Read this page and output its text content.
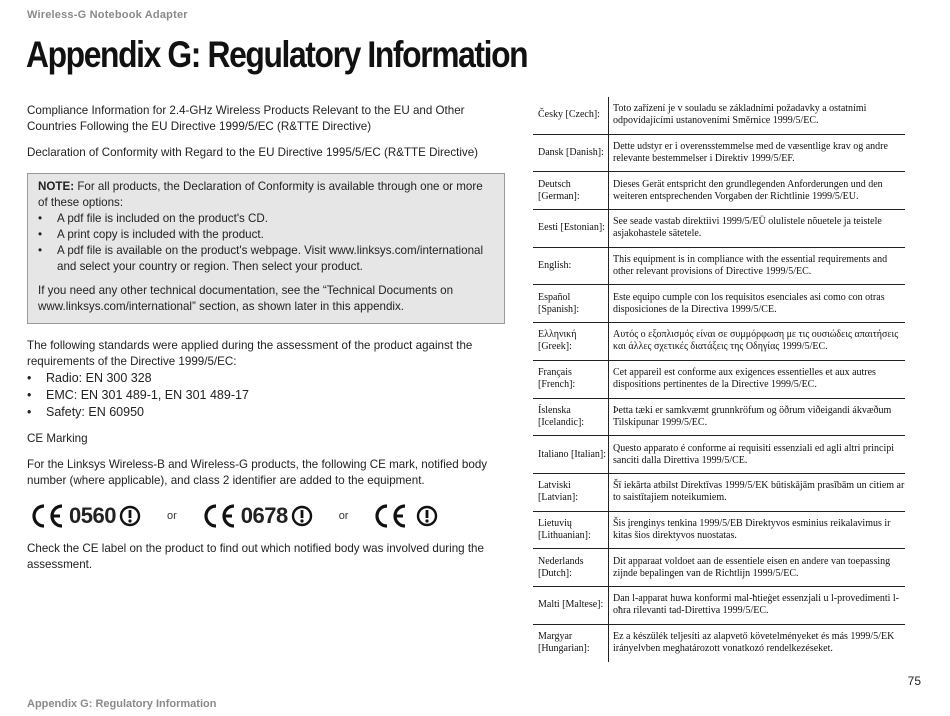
Wireless-G Notebook Adapter
Appendix G: Regulatory Information

Compliance Information for 2.4-GHz Wireless Products Relevant to the EU and Other Countries Following the EU Directive 1999/5/EC (R&TTE Directive)

Declaration of Conformity with Regard to the EU Directive 1995/5/EC (R&TTE Directive)

NOTE: For all products, the Declaration of Conformity is available through one or more of these options:

• A pdf file is included on the product's CD.
• A print copy is included with the product.
• A pdf file is available on the product's webpage. Visit www.linksys.com/international and select your country or region. Then select your product.

If you need any other technical documentation, see the “Technical Documents on www.linksys.com/international” section, as shown later in this appendix.

The following standards were applied during the assessment of the product against the requirements of the Directive 1999/5/EC:

• Radio: EN 300 328
• EMC: EN 301 489-1, EN 301 489-17
• Safety: EN 60950

CE Marking

For the Linksys Wireless-B and Wireless-G products, the following CE mark, notified body number (where applicable), and class 2 identifier are added to the equipment.

0560	or	0678	or

Check the CE label on the product to find out which notified body was involved during the assessment.

Česky [Czech]:
Toto zařízení je v souladu se základními požadavky a ostatními odpovídajícími ustanoveními Směrnice 1999/5/EC.
Dansk [Danish]:
Dette udstyr er i overensstemmelse med de væsentlige krav og andre relevante bestemmelser i Direktiv 1999/5/EF.
Deutsch [German]:
Dieses Gerät entspricht den grundlegenden Anforderungen und den weiteren entsprechenden Vorgaben der Richtlinie 1999/5/EU.
Eesti [Estonian]:
See seade vastab direktiivi 1999/5/EÜ olulistele nõuetele ja teistele asjakohastele sätetele.
English:
This equipment is in compliance with the essential requirements and other relevant provisions of Directive 1999/5/EC.
Español [Spanish]:
Este equipo cumple con los requisitos esenciales asi como con otras disposiciones de la Directiva 1999/5/CE.
Ελληνική [Greek]:
Αυτός ο εξοπλισμός είναι σε συμμόρφωση με τις ουσιώδεις απαιτήσεις και άλλες σχετικές διατάξεις της Οδηγίας 1999/5/EC.
Français [French]:
Cet appareil est conforme aux exigences essentielles et aux autres dispositions pertinentes de la Directive 1999/5/EC.
Íslenska [Icelandic]:
Þetta tæki er samkvæmt grunnkröfum og öðrum viðeigandi ákvæðum Tilskipunar 1999/5/EC.
Italiano [Italian]:
Questo apparato é conforme ai requisiti essenziali ed agli altri principi sanciti dalla Direttiva 1999/5/CE.
Latviski [Latvian]:
Šī iekārta atbilst Direktīvas 1999/5/EK būtiskājām prasībām un citiem ar to saistītajiem noteikumiem.
Lietuvių [Lithuanian]:
Šis įrenginys tenkina 1999/5/EB Direktyvos esminius reikalavimus ir kitas šios direktyvos nuostatas.
Nederlands [Dutch]:
Dit apparaat voldoet aan de essentiele eisen en andere van toepassing zijnde bepalingen van de Richtlijn 1999/5/EC.
Malti [Maltese]:
Dan l-apparat huwa konformi mal-ħtieġet essenzjali u l-provedimenti l-oħra rilevanti tad-Direttiva 1999/5/EC.
Margyar [Hungarian]:
Ez a készülék teljesíti az alapvető követelményeket és más 1999/5/EK irányelvben meghatározott vonatkozó rendelkezéseket.
75
Appendix G: Regulatory Information
